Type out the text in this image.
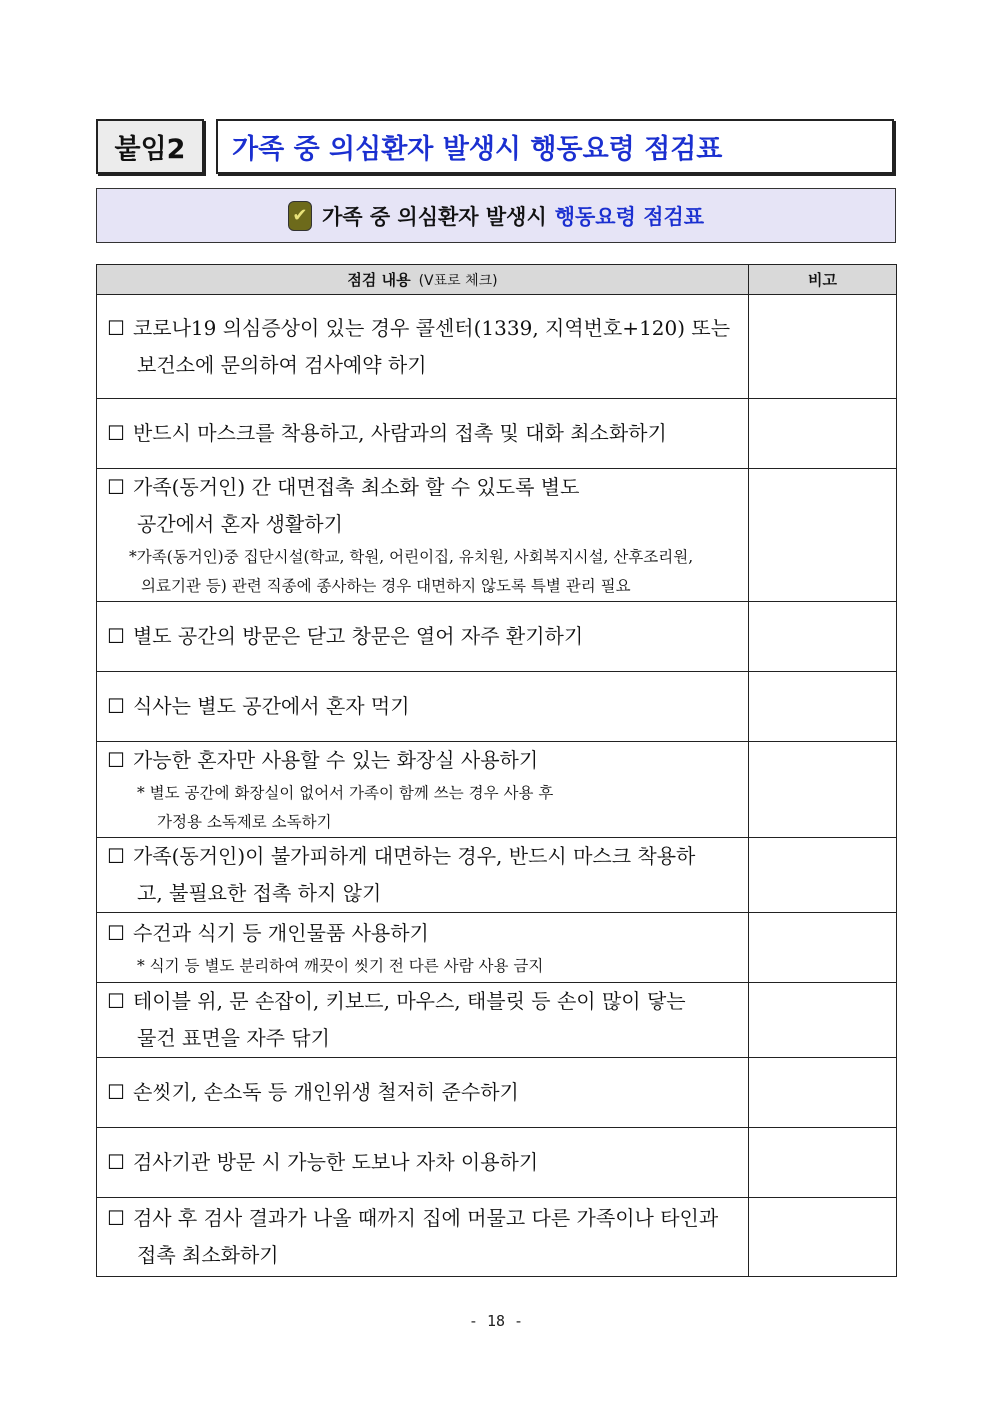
붙임2	가족 중 의심환자 발생시 행동요령 점검표
✔ 가족 중 의심환자 발생시 행동요령 점검표
점검 내용 (V표로 체크)	비고

☐ 코로나19 의심증상이 있는 경우 콜센터(1339, 지역번호+120) 또는
보건소에 문의하여 검사예약 하기	

☐ 반드시 마스크를 착용하고, 사람과의 접촉 및 대화 최소화하기	

☐ 가족(동거인) 간 대면접촉 최소화 할 수 있도록 별도
공간에서 혼자 생활하기
*가족(동거인)중 집단시설(학교, 학원, 어린이집, 유치원, 사회복지시설, 산후조리원,
의료기관 등) 관련 직종에 종사하는 경우 대면하지 않도록 특별 관리 필요	

☐ 별도 공간의 방문은 닫고 창문은 열어 자주 환기하기	

☐ 식사는 별도 공간에서 혼자 먹기	

☐ 가능한 혼자만 사용할 수 있는 화장실 사용하기
* 별도 공간에 화장실이 없어서 가족이 함께 쓰는 경우 사용 후
가정용 소독제로 소독하기	

☐ 가족(동거인)이 불가피하게 대면하는 경우, 반드시 마스크 착용하
고, 불필요한 접촉 하지 않기	

☐ 수건과 식기 등 개인물품 사용하기
* 식기 등 별도 분리하여 깨끗이 씻기 전 다른 사람 사용 금지	

☐ 테이블 위, 문 손잡이, 키보드, 마우스, 태블릿 등 손이 많이 닿는
물건 표면을 자주 닦기	

☐ 손씻기, 손소독 등 개인위생 철저히 준수하기	

☐ 검사기관 방문 시 가능한 도보나 자차 이용하기	

☐ 검사 후 검사 결과가 나올 때까지 집에 머물고 다른 가족이나 타인과
접촉 최소화하기	

- 18 -
